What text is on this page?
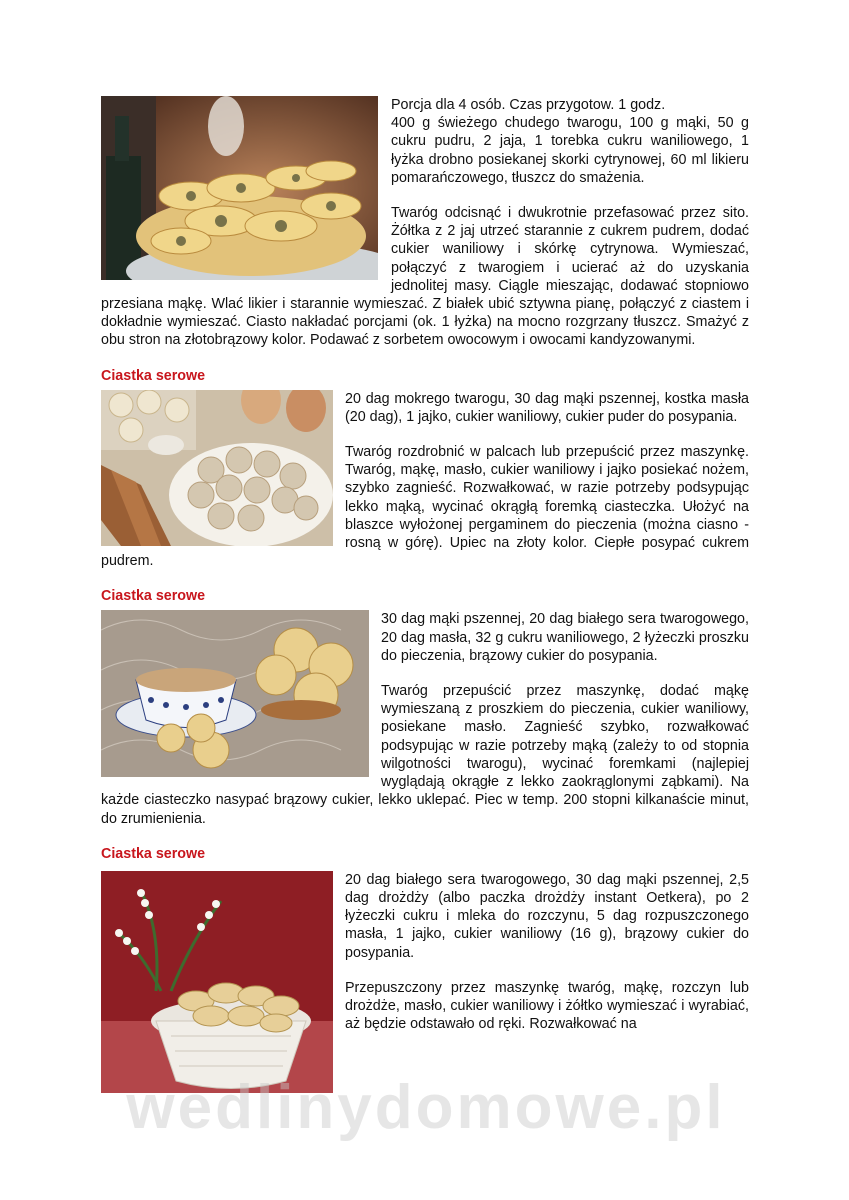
Porcja dla 4 osób. Czas przygotow. 1 godz.

400 g świeżego chudego twarogu, 100 g mąki, 50 g cukru pudru, 2 jaja, 1 torebka cukru waniliowego, 1 łyżka drobno posiekanej skorki cytrynowej, 60 ml likieru pomarańczowego, tłuszcz do smażenia.

Twaróg odcisnąć i dwukrotnie przefasować przez sito. Żółtka z 2 jaj utrzeć starannie z cukrem pudrem, dodać cukier waniliowy i skórkę cytrynowa. Wymieszać, połączyć z twarogiem i ucierać aż do uzyskania jednolitej masy. Ciągle mieszając, dodawać stopniowo przesiana mąkę. Wlać likier i starannie wymieszać. Z białek ubić sztywna pianę, połączyć z ciastem i dokładnie wymieszać. Ciasto nakładać porcjami (ok. 1 łyżka) na mocno rozgrzany tłuszcz. Smażyć z obu stron na złotobrązowy kolor. Podawać z sorbetem owocowym i owocami kandyzowanymi.

Ciastka serowe

20 dag mokrego twarogu, 30 dag mąki pszennej, kostka masła (20 dag), 1 jajko, cukier waniliowy, cukier puder do posypania.

Twaróg rozdrobnić w palcach lub przepuścić przez maszynkę. Twaróg, mąkę, masło, cukier waniliowy i jajko posiekać nożem, szybko zagnieść. Rozwałkować, w razie potrzeby podsypując lekko mąką, wycinać okrągłą foremką ciasteczka. Ułożyć na blaszce wyłożonej pergaminem do pieczenia (można ciasno - rosną w górę). Upiec na złoty kolor. Ciepłe posypać cukrem pudrem.

Ciastka serowe

30 dag mąki pszennej, 20 dag białego sera twarogowego, 20 dag masła, 32 g cukru waniliowego, 2 łyżeczki proszku do pieczenia, brązowy cukier do posypania.

Twaróg przepuścić przez maszynkę, dodać mąkę wymieszaną z proszkiem do pieczenia, cukier waniliowy, posiekane masło. Zagnieść szybko, rozwałkować podsypując w razie potrzeby mąką (zależy to od stopnia wilgotności twarogu), wycinać foremkami (najlepiej wyglądają okrągłe z lekko zaokrąglonymi ząbkami). Na każde ciasteczko nasypać brązowy cukier, lekko uklepać. Piec w temp. 200 stopni kilkanaście minut, do zrumienienia.

Ciastka serowe

20 dag białego sera twarogowego, 30 dag mąki pszennej, 2,5 dag drożdży (albo paczka drożdży instant Oetkera), po 2 łyżeczki cukru i mleka do rozczynu, 5 dag rozpuszczonego masła, 1 jajko, cukier waniliowy (16 g), brązowy cukier do posypania.

Przepuszczony przez maszynkę twaróg, mąkę, rozczyn lub drożdże, masło, cukier waniliowy i żółtko wymieszać i wyrabiać, aż będzie odstawało od ręki. Rozwałkować na

wedlinydomowe.pl
